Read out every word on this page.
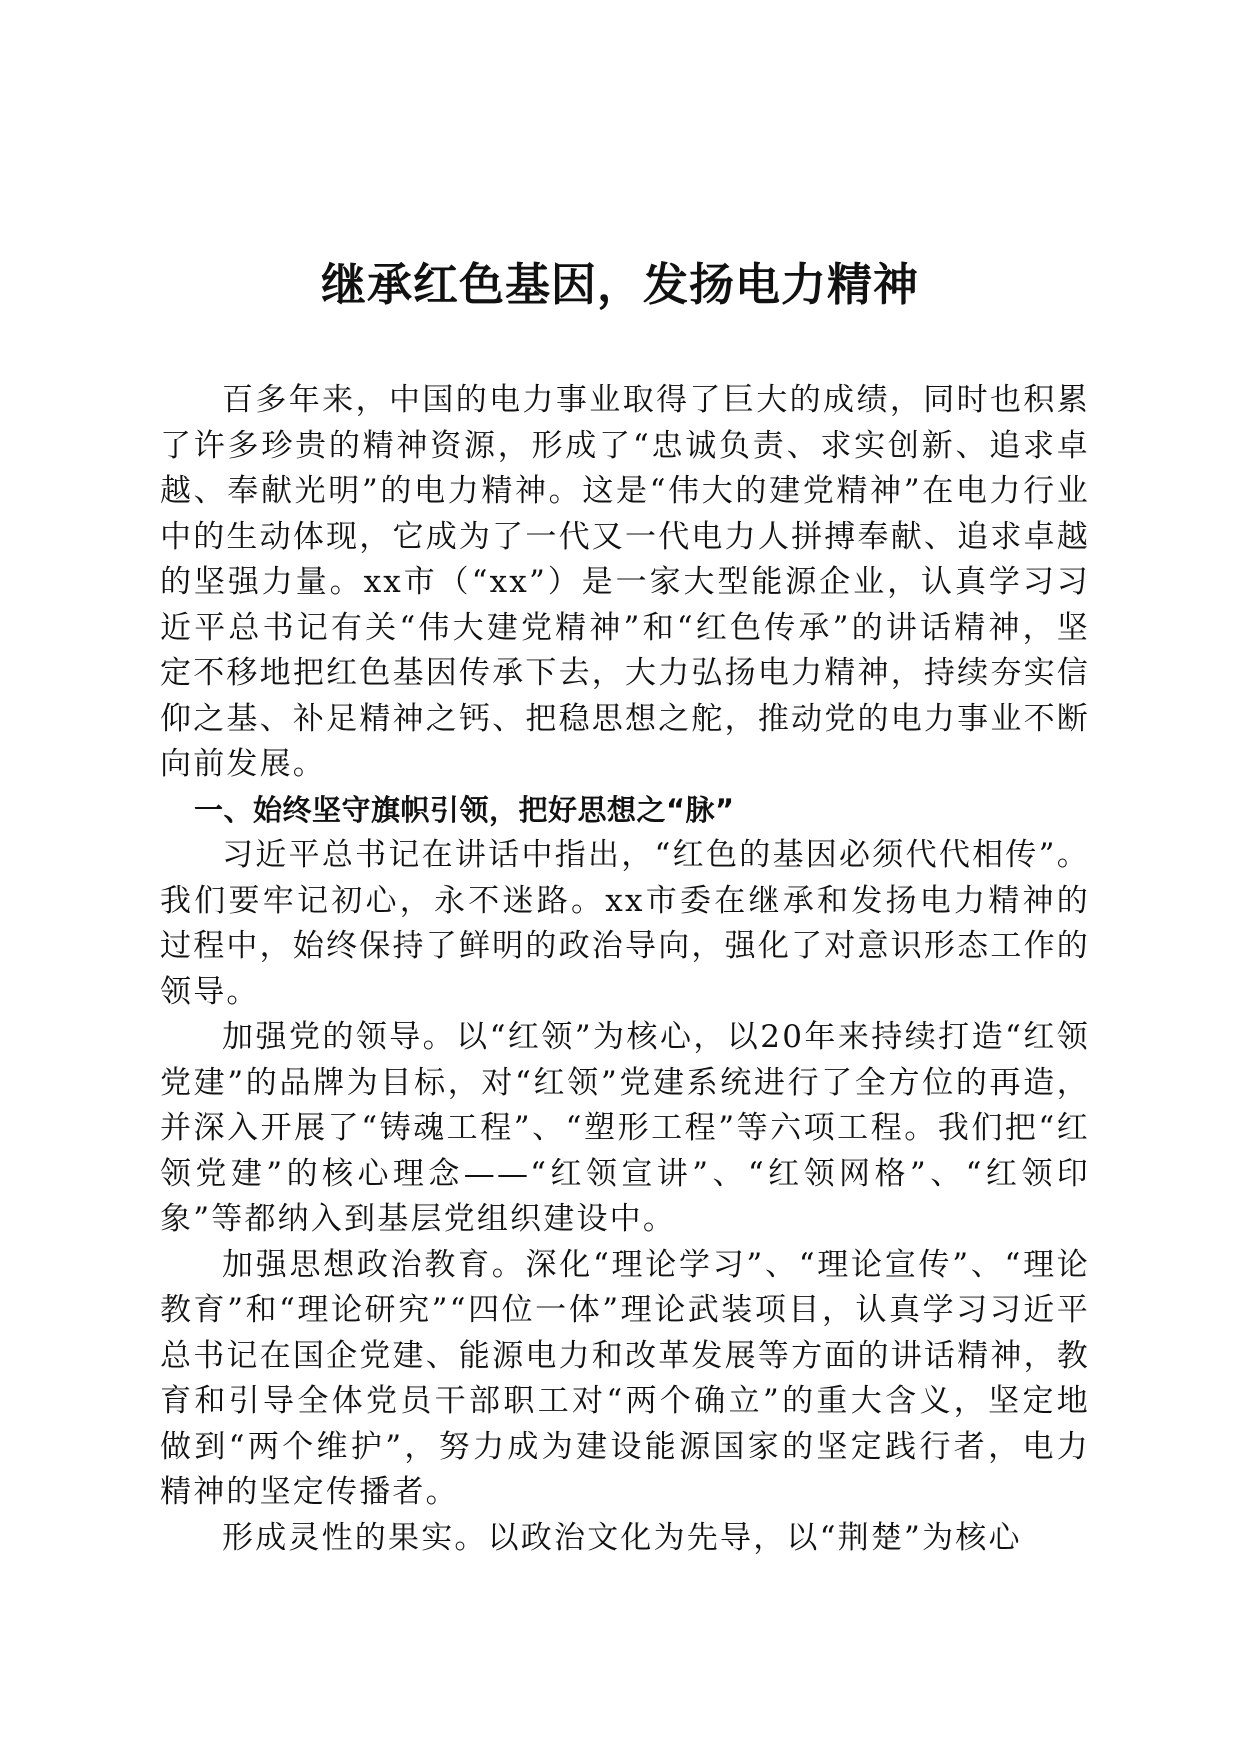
继承红色基因，发扬电力精神

百多年来，中国的电力事业取得了巨大的成绩，同时也积累了许多珍贵的精神资源，形成了“忠诚负责、求实创新、追求卓越、奉献光明”的电力精神。这是“伟大的建党精神”在电力行业中的生动体现，它成为了一代又一代电力人拼搏奉献、追求卓越的坚强力量。xx市（“xx”）是一家大型能源企业，认真学习习近平总书记有关“伟大建党精神”和“红色传承”的讲话精神，坚定不移地把红色基因传承下去，大力弘扬电力精神，持续夯实信仰之基、补足精神之钙、把稳思想之舵，推动党的电力事业不断向前发展。

一、始终坚守旗帜引领，把好思想之“脉”

习近平总书记在讲话中指出，“红色的基因必须代代相传”。我们要牢记初心，永不迷路。xx市委在继承和发扬电力精神的过程中，始终保持了鲜明的政治导向，强化了对意识形态工作的领导。

加强党的领导。以“红领”为核心，以20年来持续打造“红领党建”的品牌为目标，对“红领”党建系统进行了全方位的再造，并深入开展了“铸魂工程”、“塑形工程”等六项工程。我们把“红领党建”的核心理念——“红领宣讲”、“红领网格”、“红领印象”等都纳入到基层党组织建设中。

加强思想政治教育。深化“理论学习”、“理论宣传”、“理论教育”和“理论研究”“四位一体”理论武装项目，认真学习习近平总书记在国企党建、能源电力和改革发展等方面的讲话精神，教育和引导全体党员干部职工对“两个确立”的重大含义，坚定地做到“两个维护”，努力成为建设能源国家的坚定践行者，电力精神的坚定传播者。

形成灵性的果实。以政治文化为先导，以“荆楚”为核心
